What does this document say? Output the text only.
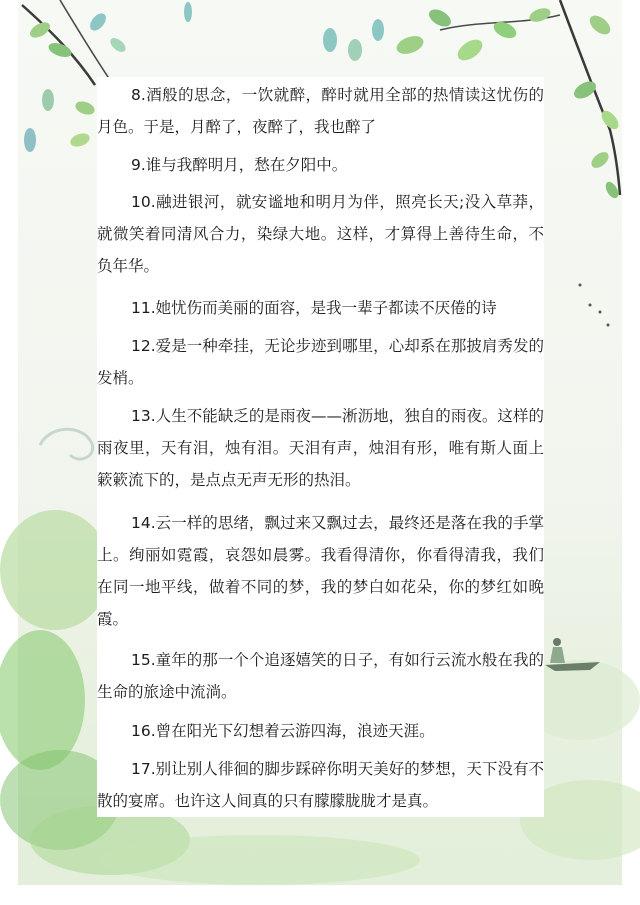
8.酒般的思念，一饮就醉，醉时就用全部的热情读这忧伤的月色。于是，月醉了，夜醉了，我也醉了

9.谁与我醉明月，愁在夕阳中。

10.融进银河，就安谧地和明月为伴，照亮长天;没入草莽，就微笑着同清风合力，染绿大地。这样，才算得上善待生命，不负年华。

11.她忧伤而美丽的面容，是我一辈子都读不厌倦的诗

12.爱是一种牵挂，无论步迹到哪里，心却系在那披肩秀发的发梢。

13.人生不能缺乏的是雨夜——淅沥地，独自的雨夜。这样的雨夜里，天有泪，烛有泪。天泪有声，烛泪有形，唯有斯人面上簌簌流下的，是点点无声无形的热泪。

14.云一样的思绪，飘过来又飘过去，最终还是落在我的手掌上。绚丽如霓霞，哀怨如晨雾。我看得清你，你看得清我，我们在同一地平线，做着不同的梦，我的梦白如花朵，你的梦红如晚霞。

15.童年的那一个个追逐嬉笑的日子，有如行云流水般在我的生命的旅途中流淌。

16.曾在阳光下幻想着云游四海，浪迹天涯。

17.别让别人徘徊的脚步踩碎你明天美好的梦想，天下没有不散的宴席。也许这人间真的只有朦朦胧胧才是真。
